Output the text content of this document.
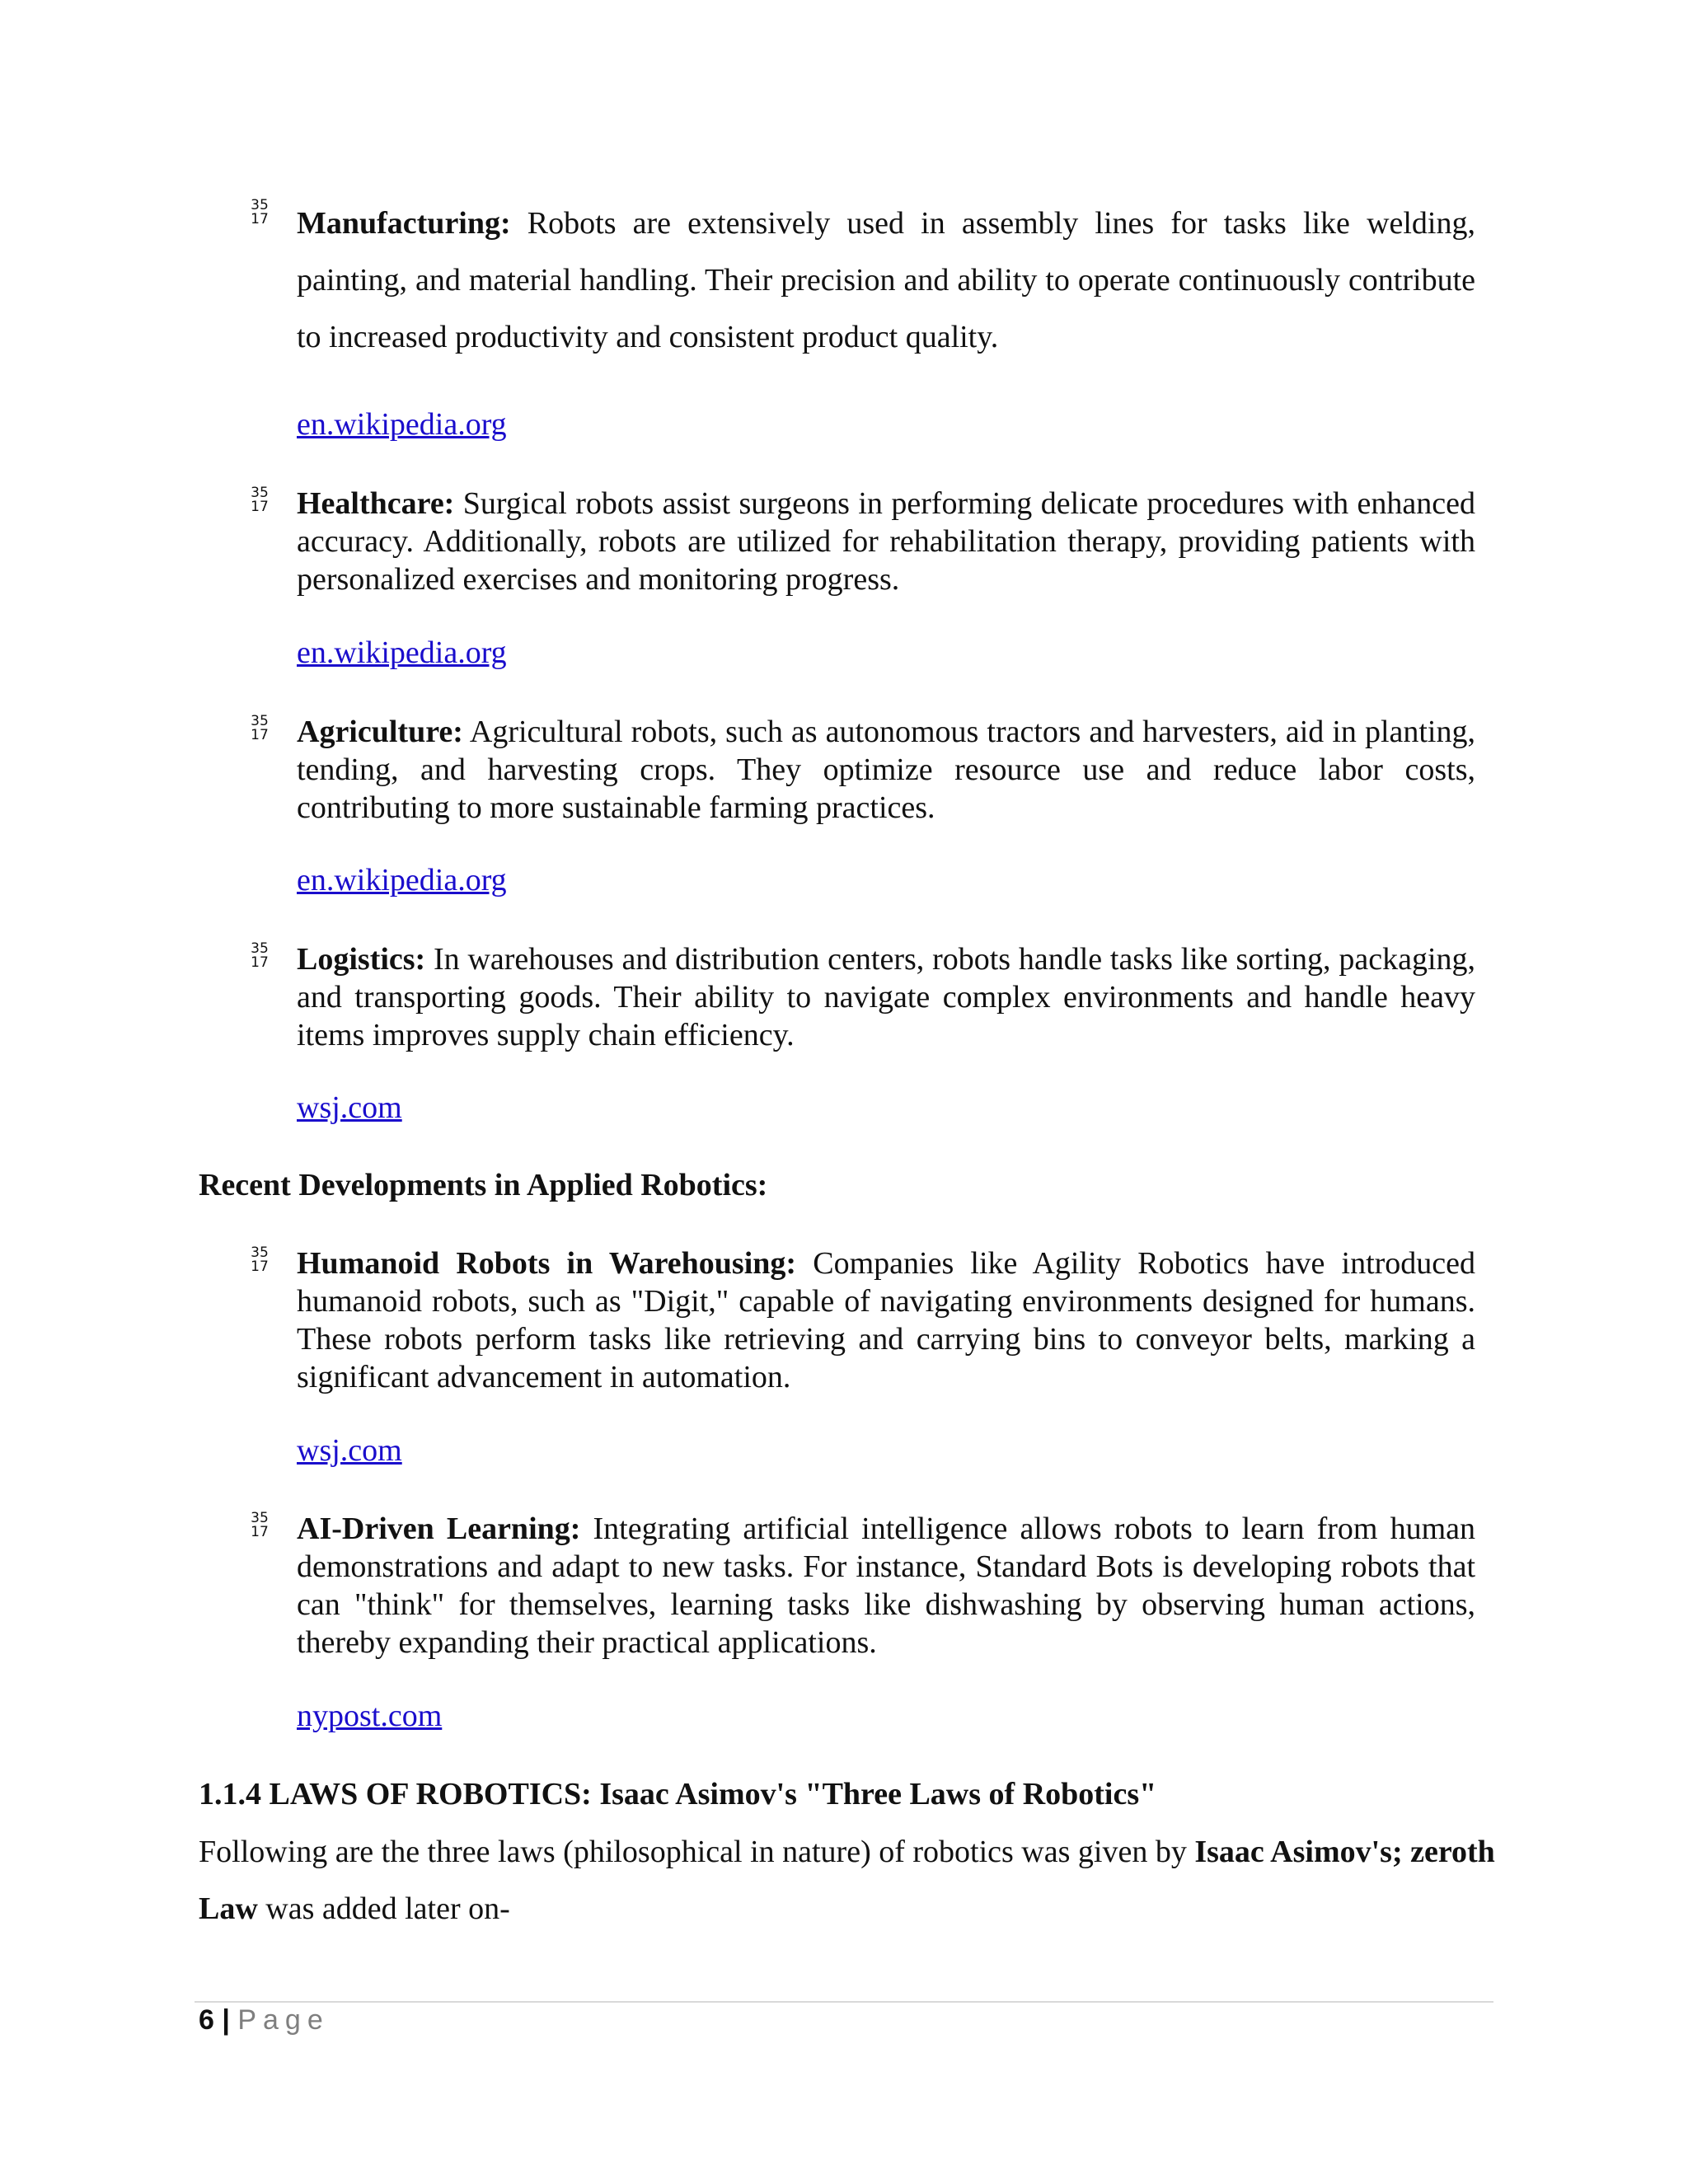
35
17 Manufacturing: Robots are extensively used in assembly lines for tasks like welding, painting, and material handling. Their precision and ability to operate continuously contribute to increased productivity and consistent product quality.
en.wikipedia.org
35
17 Healthcare: Surgical robots assist surgeons in performing delicate procedures with enhanced accuracy. Additionally, robots are utilized for rehabilitation therapy, providing patients with personalized exercises and monitoring progress.
en.wikipedia.org
35
17 Agriculture: Agricultural robots, such as autonomous tractors and harvesters, aid in planting, tending, and harvesting crops. They optimize resource use and reduce labor costs, contributing to more sustainable farming practices.
en.wikipedia.org
35
17 Logistics: In warehouses and distribution centers, robots handle tasks like sorting, packaging, and transporting goods. Their ability to navigate complex environments and handle heavy items improves supply chain efficiency.
wsj.com
Recent Developments in Applied Robotics:
35
17 Humanoid Robots in Warehousing: Companies like Agility Robotics have introduced humanoid robots, such as "Digit," capable of navigating environments designed for humans. These robots perform tasks like retrieving and carrying bins to conveyor belts, marking a significant advancement in automation.
wsj.com
35
17 AI-Driven Learning: Integrating artificial intelligence allows robots to learn from human demonstrations and adapt to new tasks. For instance, Standard Bots is developing robots that can "think" for themselves, learning tasks like dishwashing by observing human actions, thereby expanding their practical applications.
nypost.com
1.1.4 LAWS OF ROBOTICS: Isaac Asimov's "Three Laws of Robotics"
Following are the three laws (philosophical in nature) of robotics was given by Isaac Asimov's; zeroth Law was added later on-
6 | Page
